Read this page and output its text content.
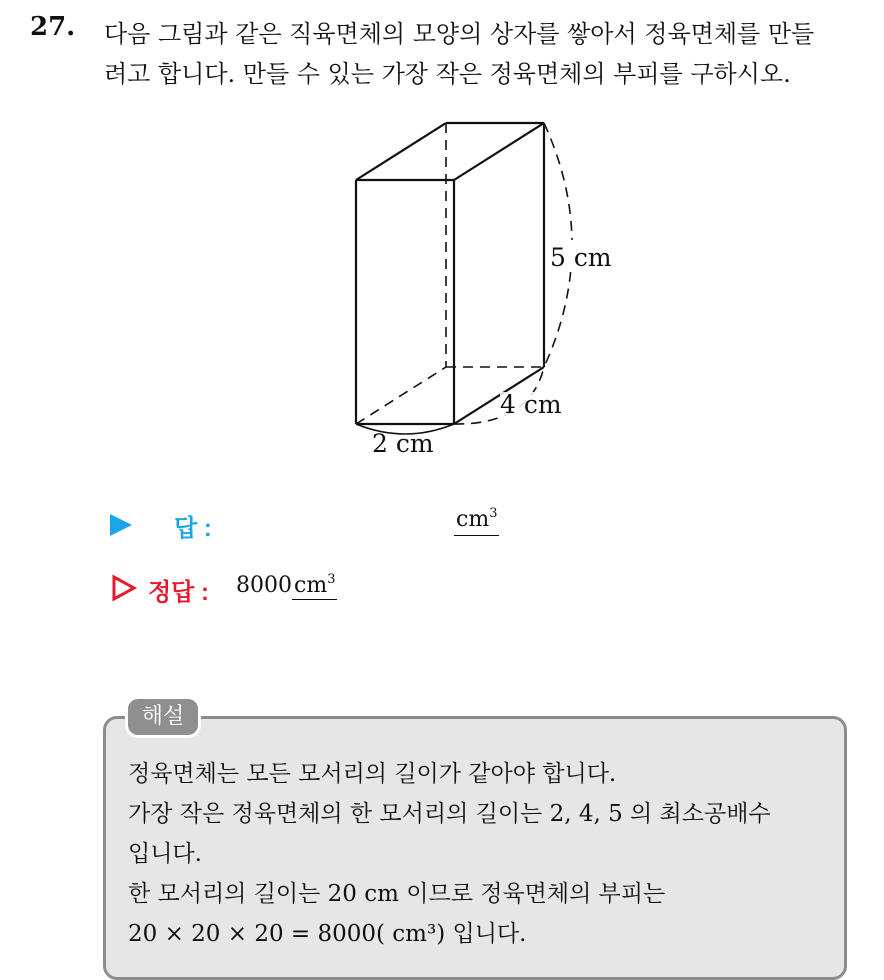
27. 다음 그림과 같은 직육면체의 모양의 상자를 쌓아서 정육면체를 만들
려고 합니다. 만들 수 있는 가장 작은 정육면체의 부피를 구하시오.
5 cm
4 cm
2 cm
답 :	$cm^3$
정답 : $8000cm^3$
해설
정육면체는 모든 모서리의 길이가 같아야 합니다.
가장 작은 정육면체의 한 모서리의 길이는 2, 4, 5 의 최소공배수
입니다.
한 모서리의 길이는 20 cm 이므로 정육면체의 부피는
20 × 20 × 20 = 8000( cm³) 입니다.
